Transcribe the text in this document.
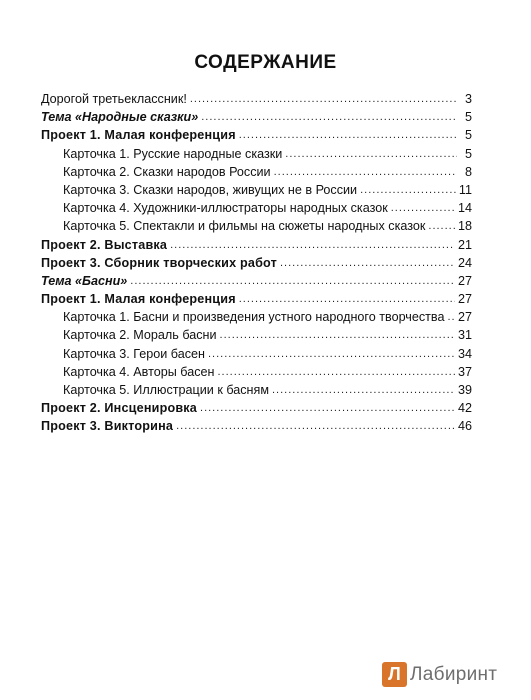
СОДЕРЖАНИЕ
Дорогой третьеклассник! .....	3
Тема «Народные сказки» .....	5
Проект 1. Малая конференция .....	5
Карточка 1. Русские народные сказки .....	5
Карточка 2. Сказки народов России .....	8
Карточка 3. Сказки народов, живущих не в России .....	11
Карточка 4. Художники-иллюстраторы народных сказок .....	14
Карточка 5. Спектакли и фильмы на сюжеты народных сказок .....	18
Проект 2. Выставка .....	21
Проект 3. Сборник творческих работ .....	24
Тема «Басни» .....	27
Проект 1. Малая конференция .....	27
Карточка 1. Басни и произведения устного народного творчества ..... 27
Карточка 2. Мораль басни .....	31
Карточка 3. Герои басен .....	34
Карточка 4. Авторы басен .....	37
Карточка 5. Иллюстрации к басням .....	39
Проект 2. Инсценировка .....	42
Проект 3. Викторина .....	46
Л Лабиринт
